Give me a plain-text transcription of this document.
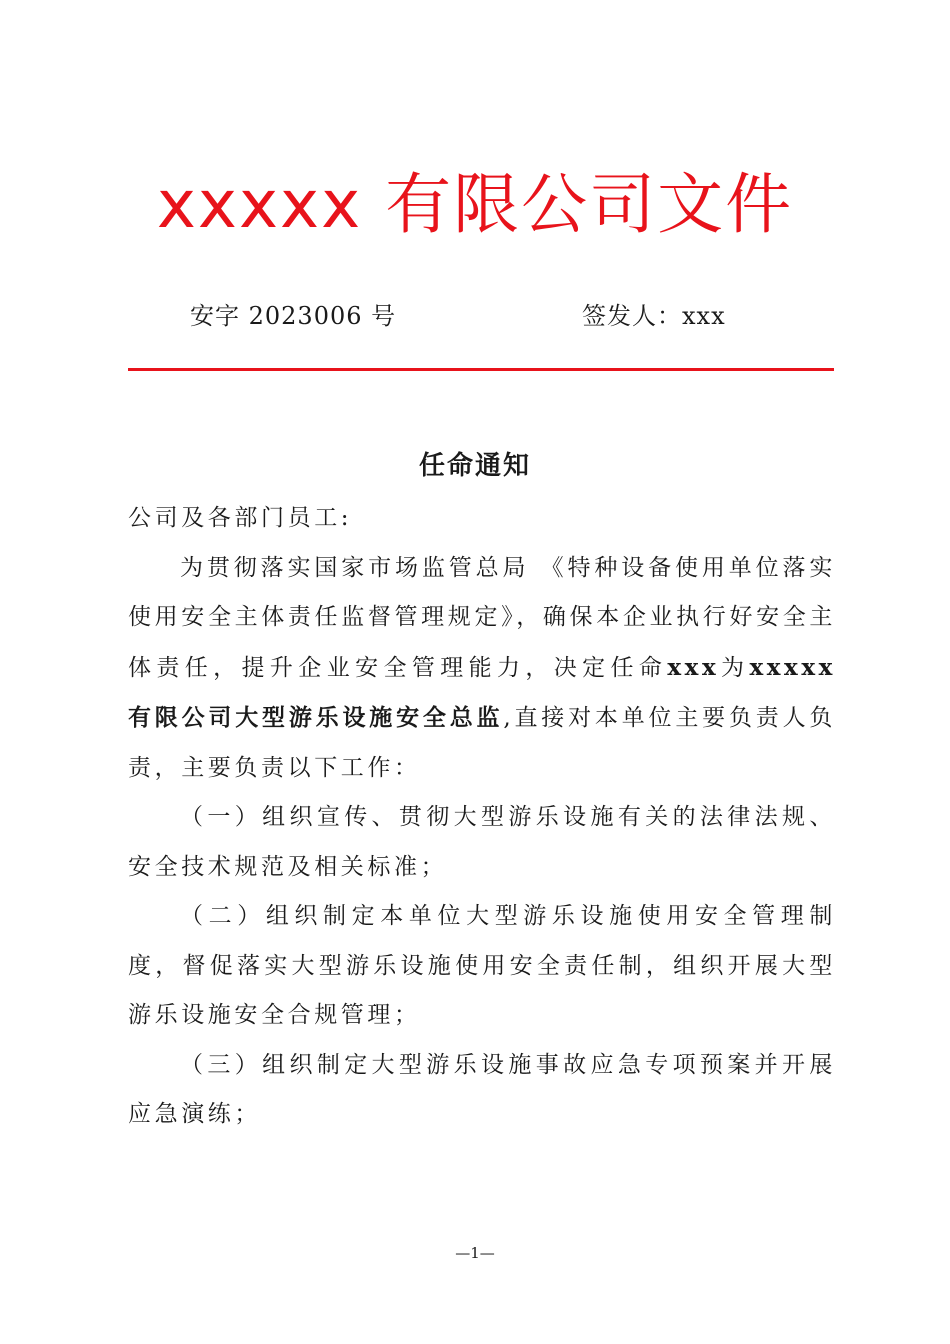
xxxxx 有限公司文件
安字 2023006 号	签发人：xxx
任命通知

公司及各部门员工:

为贯彻落实国家市场监管总局 《特种设备使用单位落实使用安全主体责任监督管理规定》，确保本企业执行好安全主体责任，提升企业安全管理能力，决定任命xxx为xxxxx 有限公司大型游乐设施安全总监,直接对本单位主要负责人负责，主要负责以下工作：

（一）组织宣传、贯彻大型游乐设施有关的法律法规、安全技术规范及相关标准；

（二）组织制定本单位大型游乐设施使用安全管理制度，督促落实大型游乐设施使用安全责任制，组织开展大型游乐设施安全合规管理；

（三）组织制定大型游乐设施事故应急专项预案并开展应急演练；

—1—
